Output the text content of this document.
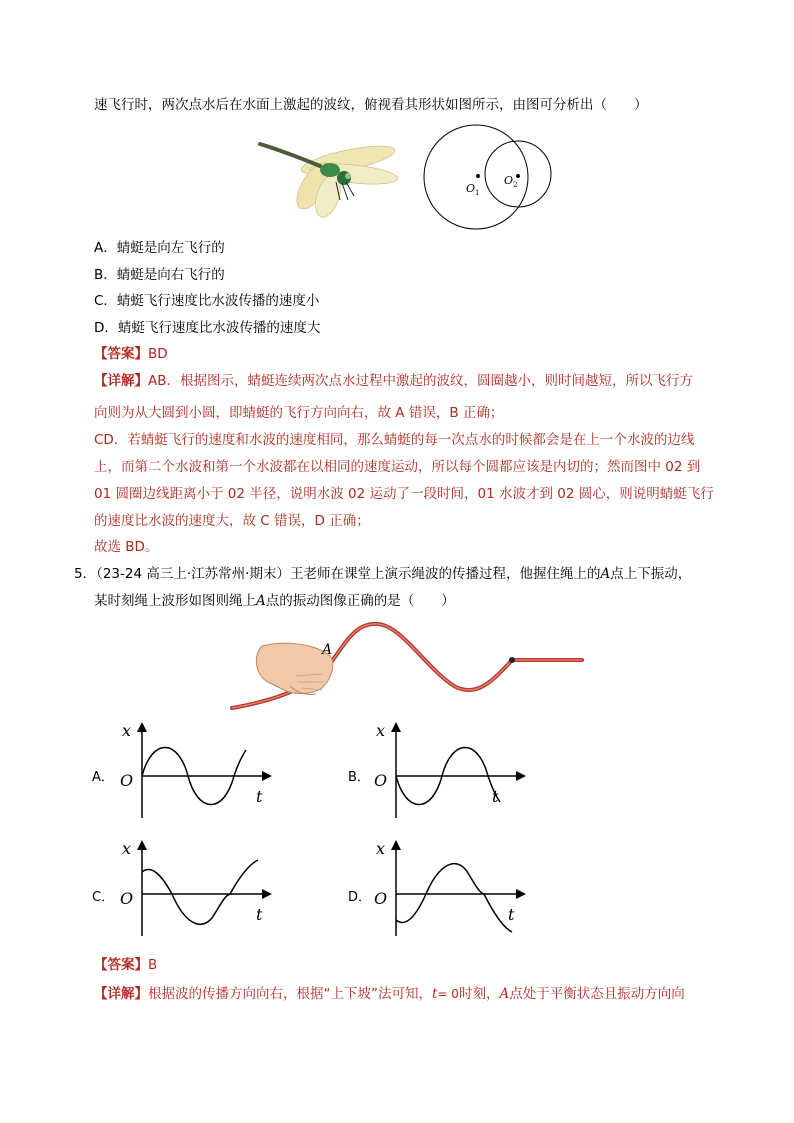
速飞行时，两次点水后在水面上激起的波纹，俯视看其形状如图所示，由图可分析出（　　）
O 1
O 2
A．蜻蜓是向左飞行的
B．蜻蜓是向右飞行的
C．蜻蜓飞行速度比水波传播的速度小
D．蜻蜓飞行速度比水波传播的速度大
【答案】BD
【详解】AB．根据图示，蜻蜓连续两次点水过程中激起的波纹，圆圈越小，则时间越短，所以飞行方
向则为从大圆到小圆，即蜻蜓的飞行方向向右，故 A 错误，B 正确；
CD．若蜻蜓飞行的速度和水波的速度相同，那么蜻蜓的每一次点水的时候都会是在上一个水波的边线
上，而第二个水波和第一个水波都在以相同的速度运动，所以每个圆都应该是内切的；然而图中 02 到
01 圆圈边线距离小于 02 半径，说明水波 02 运动了一段时间，01 水波才到 02 圆心，则说明蜻蜓飞行
的速度比水波的速度大，故 C 错误，D 正确；
故选 BD。
5．（23-24 高三上·江苏常州·期末）王老师在课堂上演示绳波的传播过程，他握住绳上的A点上下振动，
某时刻绳上波形如图则绳上A点的振动图像正确的是（　　）
A
A．
x
O
t
B．
x
O
t
C．
x
O
t
D．
x
O
t
【答案】B
【详解】根据波的传播方向向右，根据“上下坡”法可知，t= 0时刻，A点处于平衡状态且振动方向向
